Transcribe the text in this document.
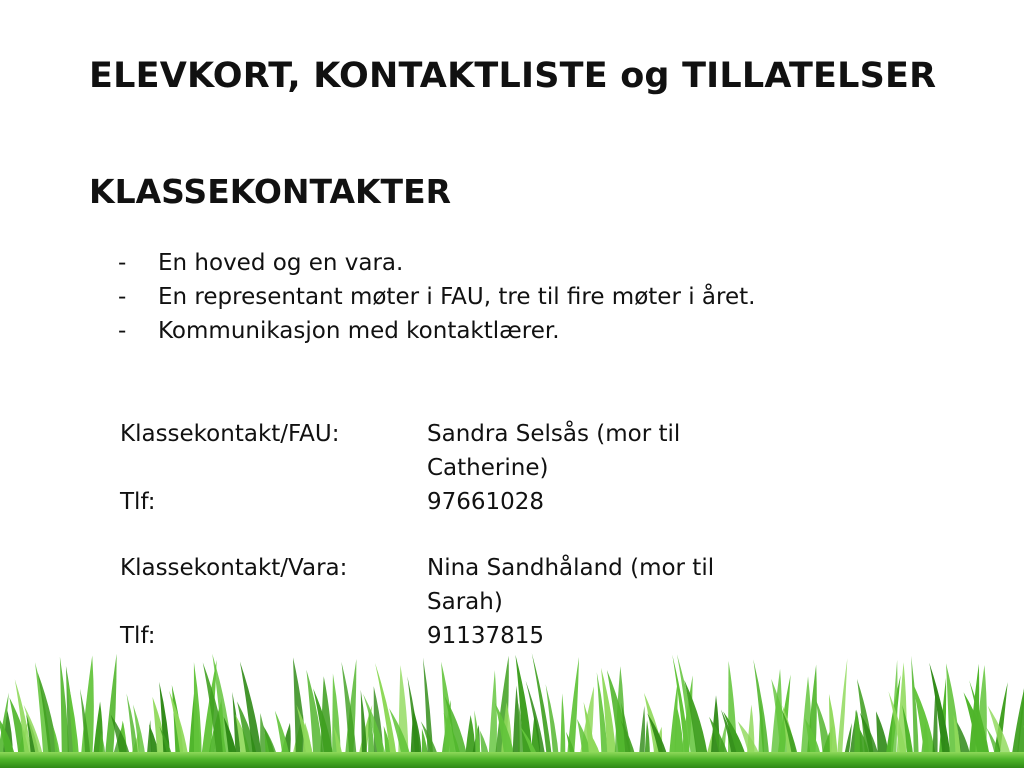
ELEVKORT, KONTAKTLISTE og TILLATELSER
KLASSEKONTAKTER
-	En hoved og en vara.
-	En representant møter i FAU, tre til fire møter i året.
-	Kommunikasjon med kontaktlærer.
Klassekontakt/FAU:	Sandra Selsås (mor til Catherine)
Tlf:	97661028
Klassekontakt/Vara:	Nina Sandhåland (mor til Sarah)
Tlf:	91137815
